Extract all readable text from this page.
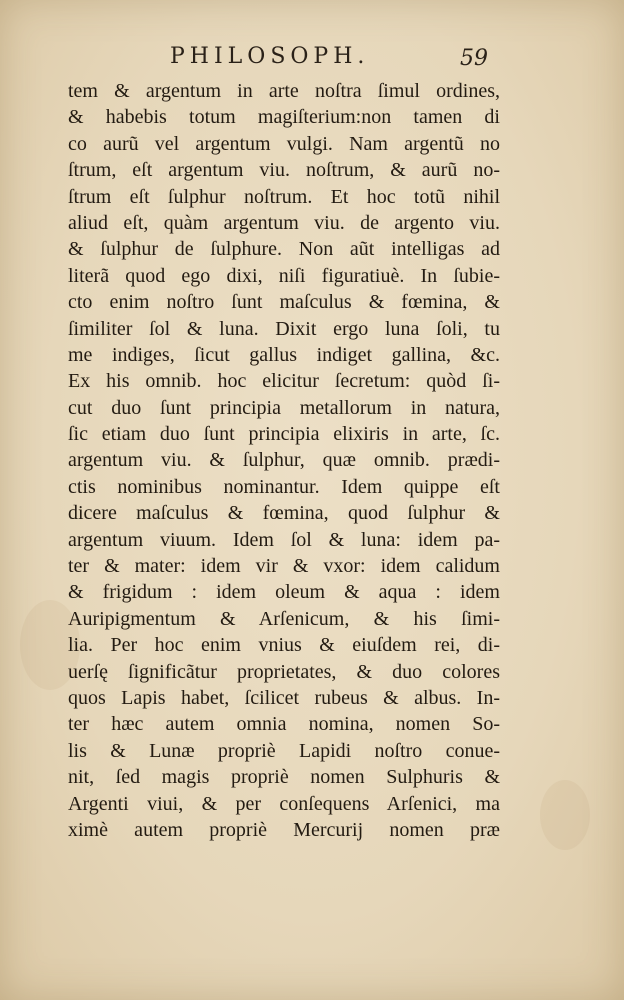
PHILOSOPH.	59
tem & argentum in arte noſtra ſimul ordines,
& habebis totum magiſterium:non tamen di
co aurũ vel argentum vulgi. Nam argentũ no
ſtrum, eſt argentum viu. noſtrum, & aurũ no-
ſtrum eſt ſulphur noſtrum. Et hoc totũ nihil
aliud eſt, quàm argentum viu. de argento viu.
& ſulphur de ſulphure. Non aũt intelligas ad
literã quod ego dixi, niſi figuratiuè. In ſubie-
cto enim noſtro ſunt maſculus & fœmina, &
ſimiliter ſol & luna. Dixit ergo luna ſoli, tu
me indiges, ſicut gallus indiget gallina, &c.
Ex his omnib. hoc elicitur ſecretum: quòd ſi-
cut duo ſunt principia metallorum in natura,
ſic etiam duo ſunt principia elixiris in arte, ſc.
argentum viu. & ſulphur, quæ omnib. prædi-
ctis nominibus nominantur. Idem quippe eſt
dicere maſculus & fœmina, quod ſulphur &
argentum viuum. Idem ſol & luna: idem pa-
ter & mater: idem vir & vxor: idem calidum
& frigidum : idem oleum & aqua : idem
Auripigmentum & Arſenicum, & his ſimi-
lia. Per hoc enim vnius & eiuſdem rei, di-
uerſę ſignificãtur proprietates, & duo colores
quos Lapis habet, ſcilicet rubeus & albus. In-
ter hæc autem omnia nomina, nomen So-
lis & Lunæ propriè Lapidi noſtro conue-
nit, ſed magis propriè nomen Sulphuris &
Argenti viui, & per conſequens Arſenici, ma
ximè autem propriè Mercurij nomen præ
